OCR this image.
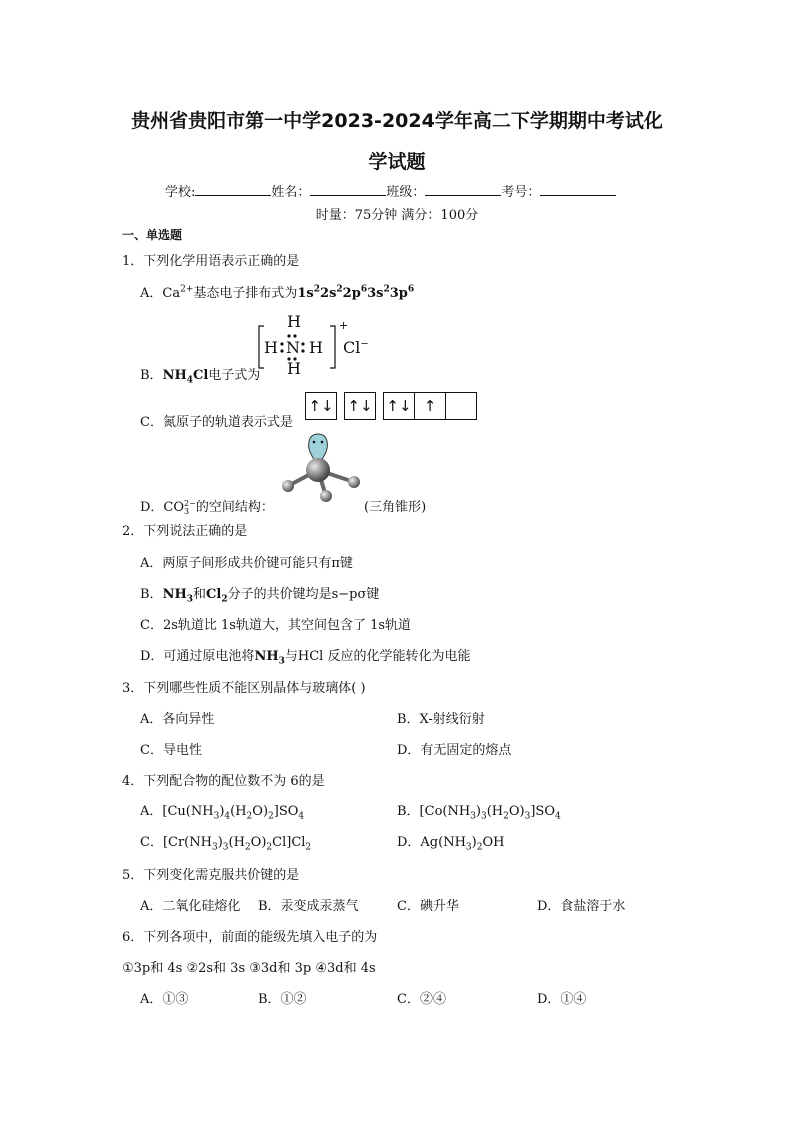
贵州省贵阳市第一中学2023-2024学年高二下学期期中考试化
学试题
学校:	姓名：	班级：	考号：
时量：75分钟 满分：100分
一、单选题
1．下列化学用语表示正确的是
A．$Ca^{2+}$基态电子排布式为$1s^22s^22p^63s^23p^6$
+
H
H N H
H
Cl−
B．$NH_4Cl$电子式为
C．氮原子的轨道表示式是
↑↓ ↑↓ ↑↓ ↑
D．CO2−
3 的空间结构：	(三角锥形)
2．下列说法正确的是
A．两原子间形成共价键可能只有π键
B．$NH_3$和$Cl_2$分子的共价键均是s−pσ键
C．2s轨道比 1s轨道大，其空间包含了 1s轨道
D．可通过原电池将$NH_3$与HCl 反应的化学能转化为电能
3．下列哪些性质不能区别晶体与玻璃体( )
A．各向异性	B．X-射线衍射
C．导电性	D．有无固定的熔点
4．下列配合物的配位数不为 6的是
A．$[Cu(NH_3)_4(H_2O)_2]SO_4$	B．$[Co(NH_3)_3(H_2O)_3]SO_4$
C．$[Cr(NH_3)_3(H_2O)_2Cl]Cl_2$	D．$Ag(NH_3)_2OH$
5．下列变化需克服共价键的是
A．二氧化硅熔化 B．汞变成汞蒸气	C．碘升华	D．食盐溶于水
6．下列各项中，前面的能级先填入电子的为
①3p和 4s ②2s和 3s ③3d和 3p ④3d和 4s
A．①③	B．①②	C．②④	D．①④
